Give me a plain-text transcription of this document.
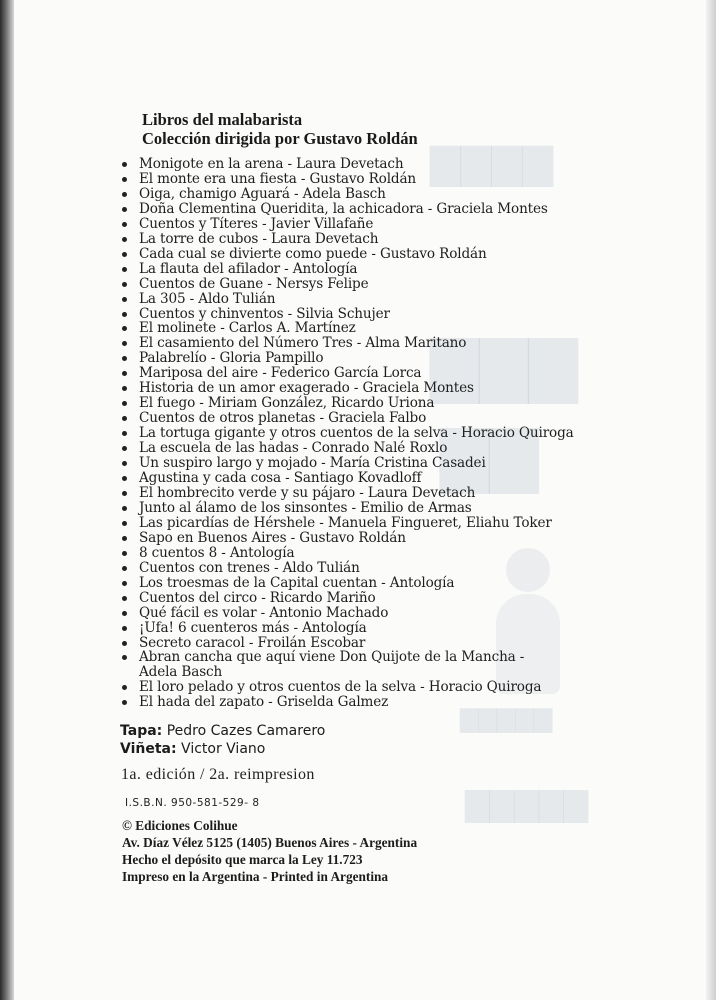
▇▇▇▇
▇▇▇
▇▇
▇▇▇▇▇
▇▇▇▇▇

Libros del malabarista

Colección dirigida por Gustavo Roldán

Monigote en la arena - Laura Devetach
El monte era una fiesta - Gustavo Roldán
Oiga, chamigo Aguará - Adela Basch
Doña Clementina Queridita, la achicadora - Graciela Montes
Cuentos y Títeres - Javier Villafañe
La torre de cubos - Laura Devetach
Cada cual se divierte como puede - Gustavo Roldán
La flauta del afilador - Antología
Cuentos de Guane - Nersys Felipe
La 305 - Aldo Tulián
Cuentos y chinventos - Silvia Schujer
El molinete - Carlos A. Martínez
El casamiento del Número Tres - Alma Maritano
Palabrelío - Gloria Pampillo
Mariposa del aire - Federico García Lorca
Historia de un amor exagerado - Graciela Montes
El fuego - Miriam González, Ricardo Uriona
Cuentos de otros planetas - Graciela Falbo
La tortuga gigante y otros cuentos de la selva - Horacio Quiroga
La escuela de las hadas - Conrado Nalé Roxlo
Un suspiro largo y mojado - María Cristina Casadei
Agustina y cada cosa - Santiago Kovadloff
El hombrecito verde y su pájaro - Laura Devetach
Junto al álamo de los sinsontes - Emilio de Armas
Las picardías de Hérshele - Manuela Fingueret, Eliahu Toker
Sapo en Buenos Aires - Gustavo Roldán
8 cuentos 8 - Antología
Cuentos con trenes - Aldo Tulián
Los troesmas de la Capital cuentan - Antología
Cuentos del circo - Ricardo Mariño
Qué fácil es volar - Antonio Machado
¡Ufa! 6 cuenteros más - Antología
Secreto caracol - Froilán Escobar
Abran cancha que aquí viene Don Quijote de la Mancha -
Adela Basch
El loro pelado y otros cuentos de la selva - Horacio Quiroga
El hada del zapato - Griselda Galmez
Tapa: Pedro Cazes Camarero
Viñeta: Victor Viano
1a. edición / 2a. reimpresion
I.S.B.N. 950-581-529- 8
© Ediciones Colihue
Av. Díaz Vélez 5125 (1405) Buenos Aires - Argentina
Hecho el depósito que marca la Ley 11.723
Impreso en la Argentina - Printed in Argentina
